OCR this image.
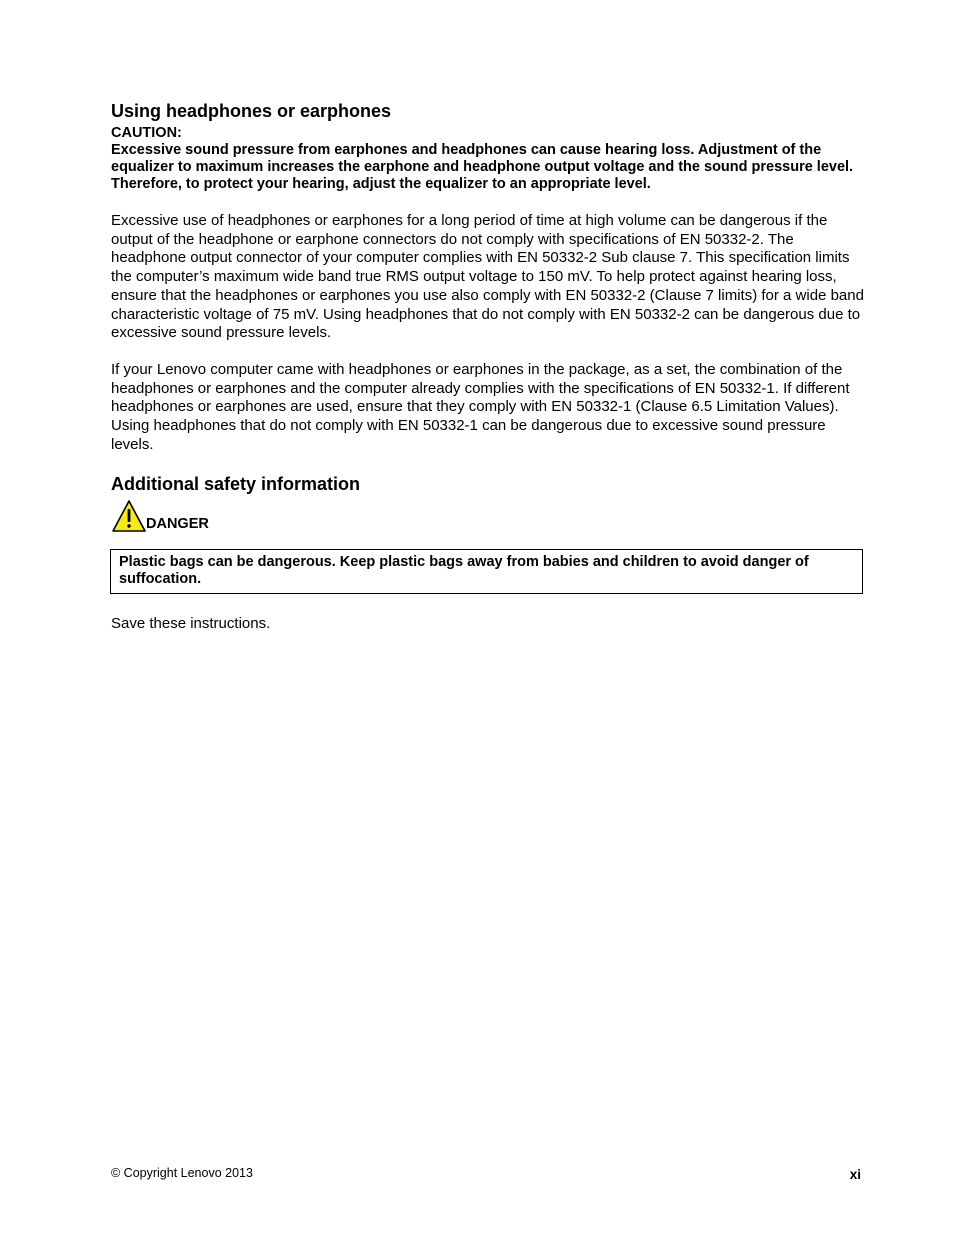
Using headphones or earphones

CAUTION:

Excessive sound pressure from earphones and headphones can cause hearing loss. Adjustment of the equalizer to maximum increases the earphone and headphone output voltage and the sound pressure level. Therefore, to protect your hearing, adjust the equalizer to an appropriate level.

Excessive use of headphones or earphones for a long period of time at high volume can be dangerous if the output of the headphone or earphone connectors do not comply with specifications of EN 50332-2. The headphone output connector of your computer complies with EN 50332-2 Sub clause 7. This specification limits the computer’s maximum wide band true RMS output voltage to 150 mV. To help protect against hearing loss, ensure that the headphones or earphones you use also comply with EN 50332-2 (Clause 7 limits) for a wide band characteristic voltage of 75 mV. Using headphones that do not comply with EN 50332-2 can be dangerous due to excessive sound pressure levels.

If your Lenovo computer came with headphones or earphones in the package, as a set, the combination of the headphones or earphones and the computer already complies with the specifications of EN 50332-1. If different headphones or earphones are used, ensure that they comply with EN 50332-1 (Clause 6.5 Limitation Values). Using headphones that do not comply with EN 50332-1 can be dangerous due to excessive sound pressure levels.

Additional safety information
DANGER
Plastic bags can be dangerous. Keep plastic bags away from babies and children to avoid danger of suffocation.

Save these instructions.

© Copyright Lenovo 2013	xi
